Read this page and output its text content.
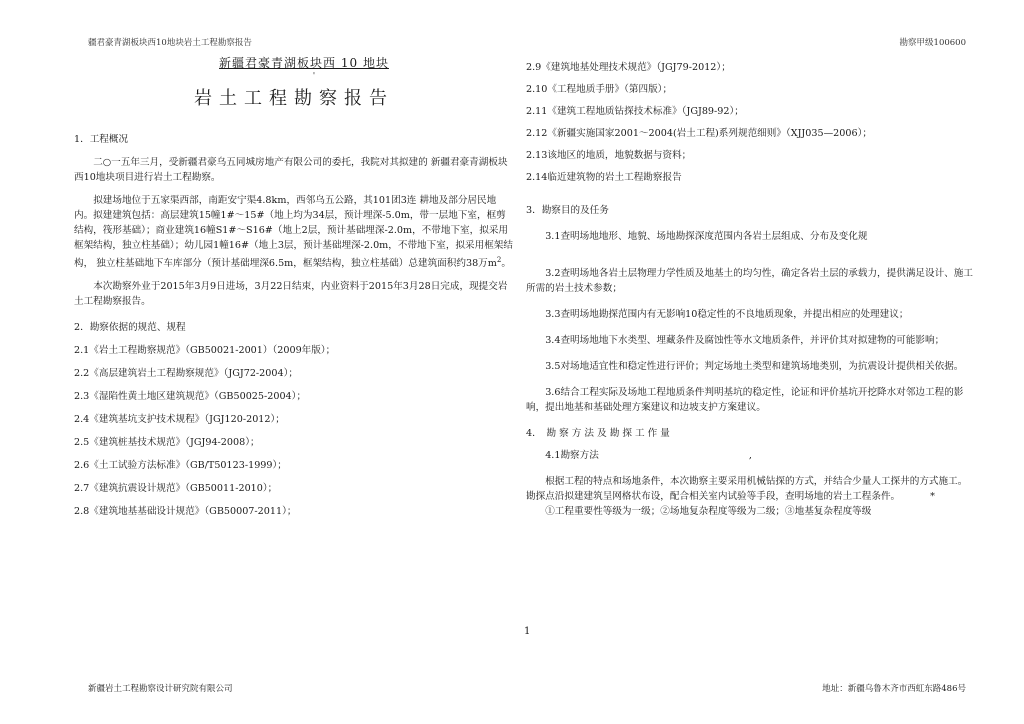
疆君豪青湖板块西10地块岩土工程勘察报告	勘察甲级100600
新疆君豪青湖板块西 10 地块
'
岩土工程勘察报告

1．工程概况

二○一五年三月，受新疆君豪乌五同城房地产有限公司的委托，我院对其拟建的 新疆君豪青湖板块西10地块项目进行岩土工程勘察。

拟建场地位于五家渠西部，南距安宁渠4.8km，西邻乌五公路，其101团3连 耕地及部分居民地内。拟建建筑包括：高层建筑15幢1#～15#（地上均为34层，预计埋深-5.0m，带一层地下室，框剪结构，筏形基础）；商业建筑16幢S1#～S16#（地上2层，预计基础埋深-2.0m，不带地下室，拟采用框架结构，独立柱基础）；幼儿园1幢16#（地上3层，预计基础埋深-2.0m，不带地下室，拟采用框架结构， 独立柱基础地下车库部分（预计基础埋深6.5m，框架结构，独立柱基础）总建筑面积约38万$m^2$。

本次勘察外业于2015年3月9日进场，3月22日结束，内业资料于2015年3月28日完成，现提交岩土工程勘察报告。

2．勘察依据的规范、规程

2.1《岩土工程勘察规范》（GB50021-2001）（2009年版）；

2.2《高层建筑岩土工程勘察规范》（JGJ72-2004）；

2.3《湿陷性黄土地区建筑规范》（GB50025-2004）；

2.4《建筑基坑支护技术规程》（JGJ120-2012）；

2.5《建筑桩基技术规范》（JGJ94-2008）；

2.6《土工试验方法标准》（GB/T50123-1999）；

2.7《建筑抗震设计规范》（GB50011-2010）；

2.8《建筑地基基础设计规范》（GB50007-2011）；

2.9《建筑地基处理技术规范》（JGJ79-2012）；

2.10《工程地质手册》（第四版）；

2.11《建筑工程地质钻探技术标准》（JGJ89-92）；

2.12《新疆实施国家2001～2004(岩土工程)系列规范细则》（XJJ035—2006）；

2.13该地区的地质，地貌数据与资料；

2.14临近建筑物的岩土工程勘察报告

3．勘察目的及任务

3.1查明场地地形、地貌、场地勘探深度范围内各岩土层组成、分布及变化规

3.2查明场地各岩土层物理力学性质及地基土的均匀性，确定各岩土层的承载力，提供满足设计、施工所需的岩土技术参数；

3.3查明场地勘探范围内有无影响10稳定性的不良地质现象，并提出相应的处理建议；

3.4查明场地地下水类型、埋藏条件及腐蚀性等水文地质条件，并评价其对拟建物的可能影响；

3.5对场地适宜性和稳定性进行评价；判定场地土类型和建筑场地类别，为抗震设计提供相关依据。

3.6结合工程实际及场地工程地质条件判明基坑的稳定性，论证和评价基坑开挖降水对邻边工程的影响，提出地基和基础处理方案建议和边坡支护方案建议。

4．　勘 察 方 法 及 勘 探 工 作 量

4.1勘察方法	,

根据工程的特点和场地条件，本次勘察主要采用机械钻探的方式，并结合少量人工探井的方式施工。勘探点沿拟建建筑呈网格状布设，配合相关室内试验等手段，查明场地的岩土工程条件。	*

①工程重要性等级为一级；②场地复杂程度等级为二级；③地基复杂程度等级

1
新疆岩土工程勘察设计研究院有限公司	地址：新疆乌鲁木齐市西虹东路486号
